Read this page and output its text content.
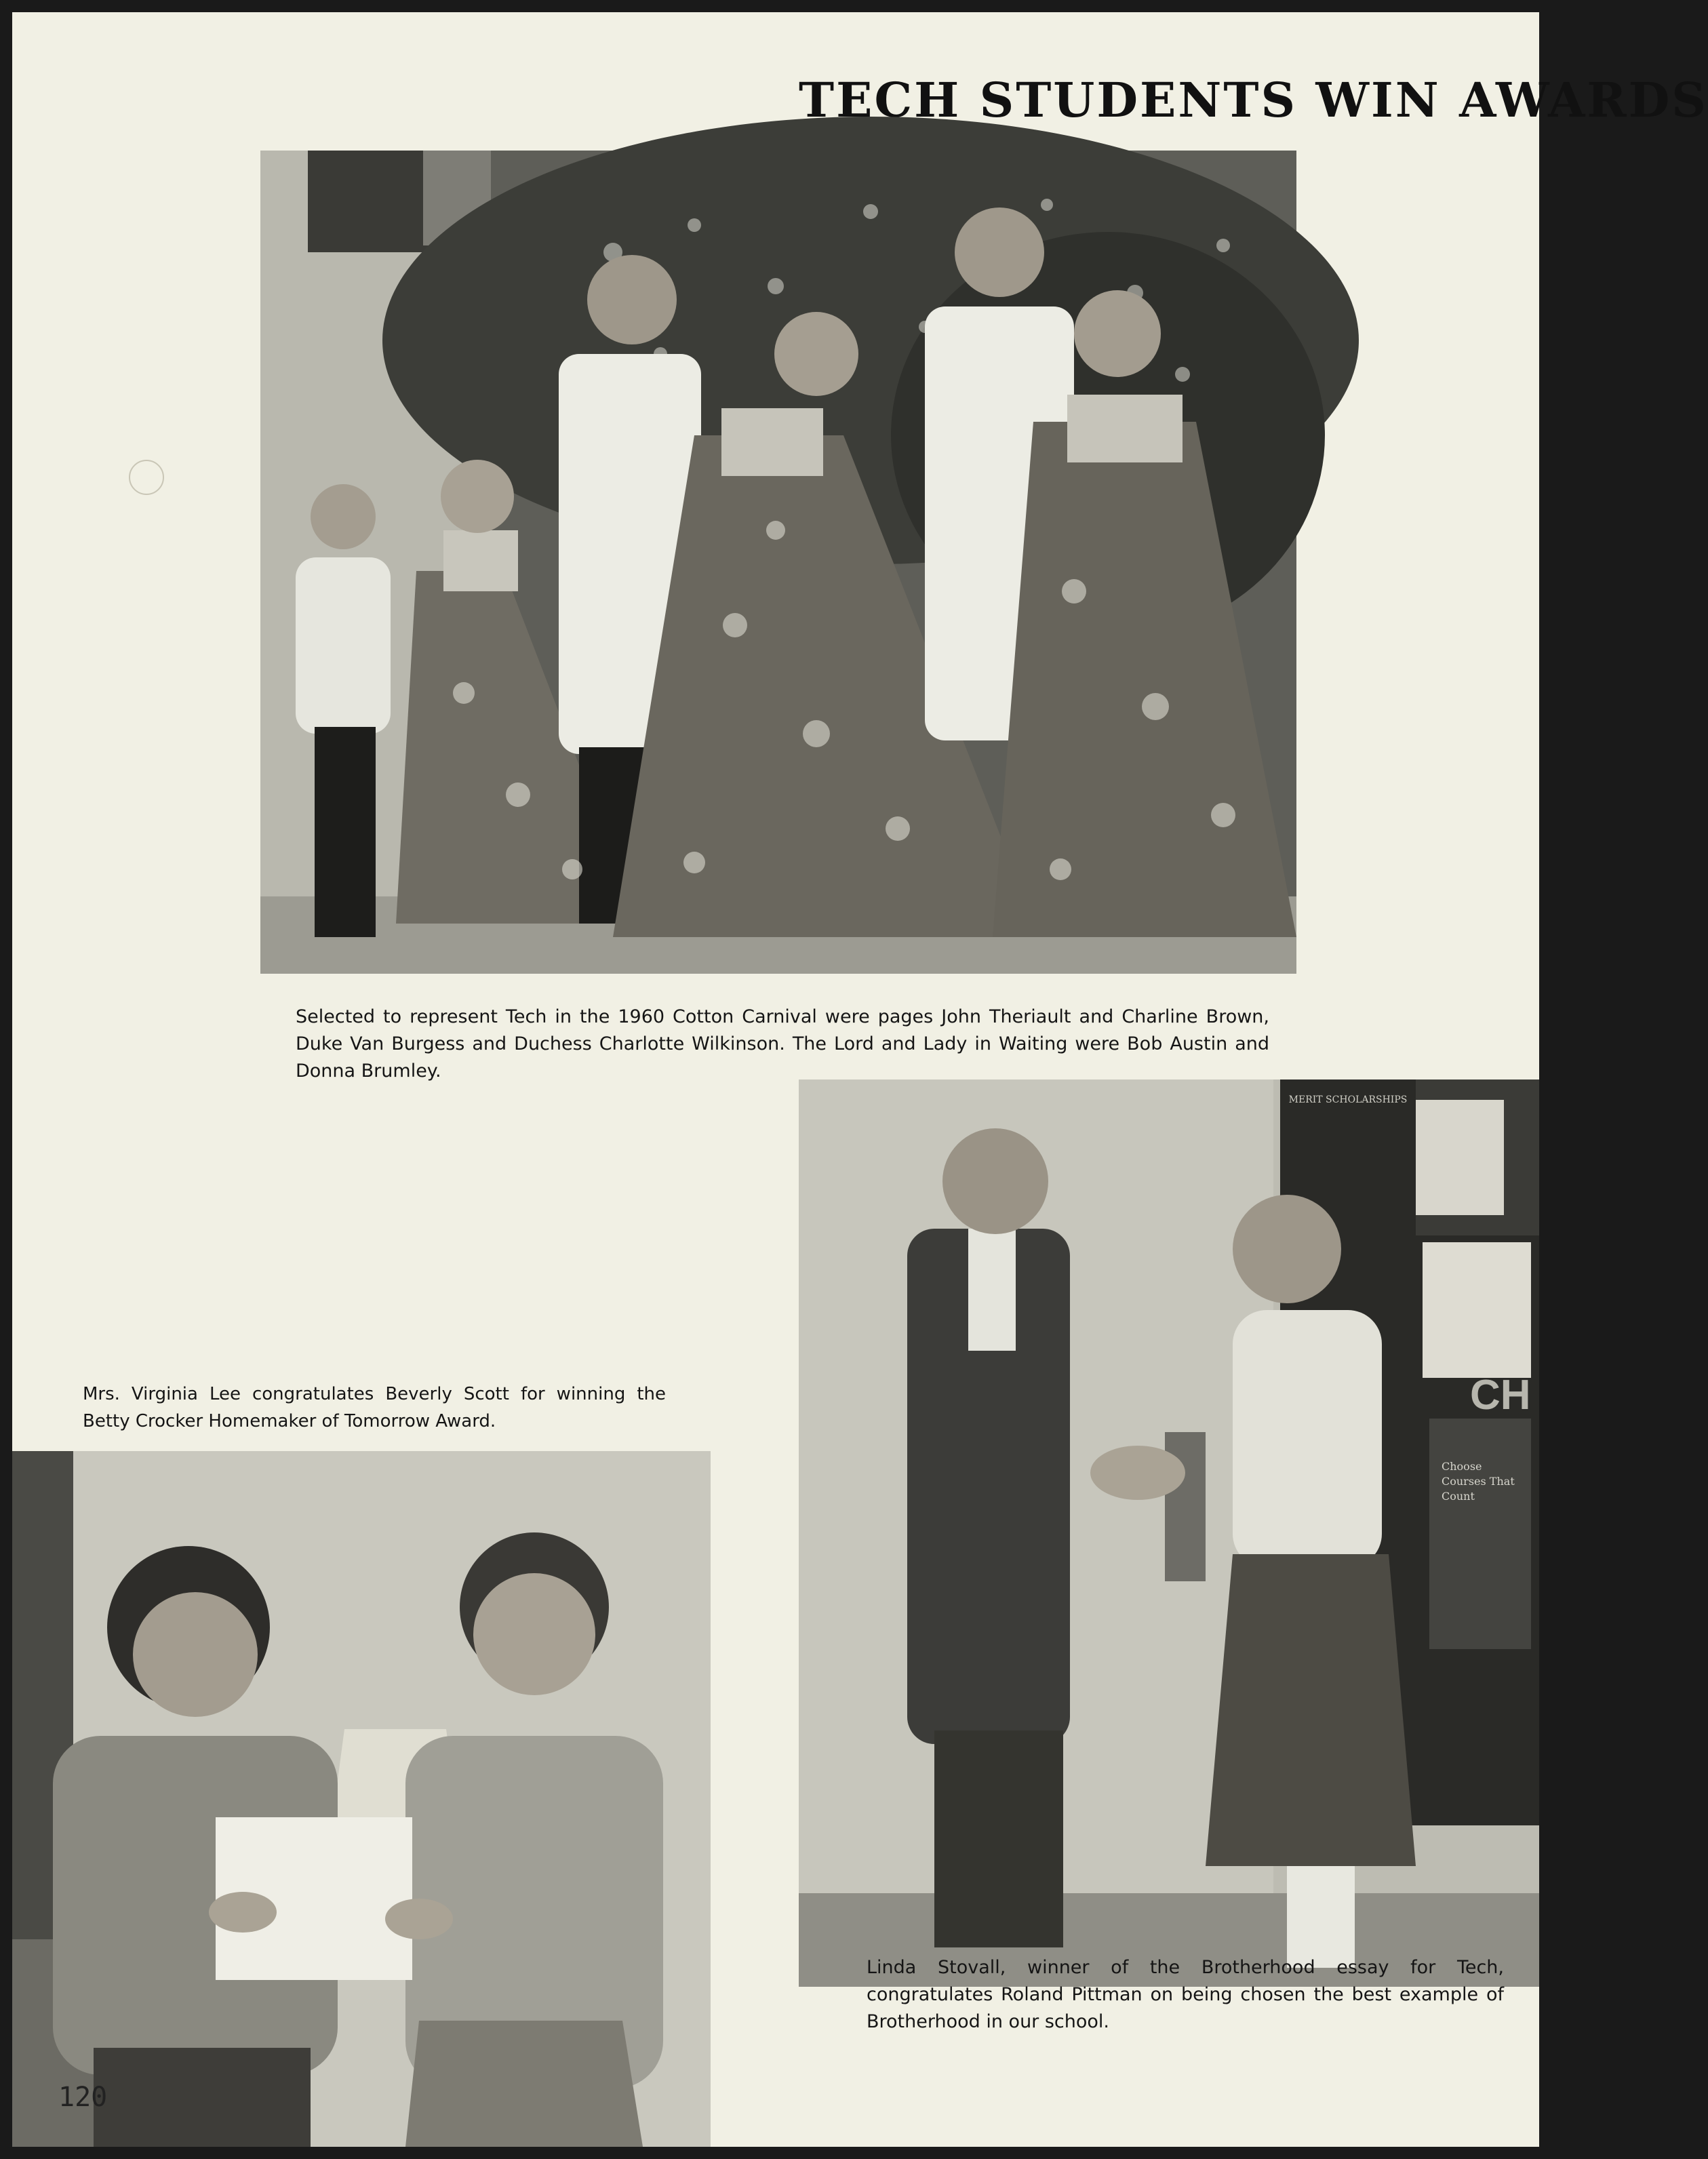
TECH STUDENTS WIN AWARDS
Selected to represent Tech in the 1960 Cotton Carnival were pages John Theriault and Charline Brown, Duke Van Burgess and Duchess Charlotte Wilkinson. The Lord and Lady in Waiting were Bob Austin and Donna Brumley.
MERIT SCHOLARSHIPS
CH
Choose Courses That Count
Mrs. Virginia Lee congratulates Beverly Scott for winning the Betty Crocker Homemaker of Tomorrow Award.
Linda Stovall, winner of the Brotherhood essay for Tech, congratulates Roland Pittman on being chosen the best example of Brotherhood in our school.
120
